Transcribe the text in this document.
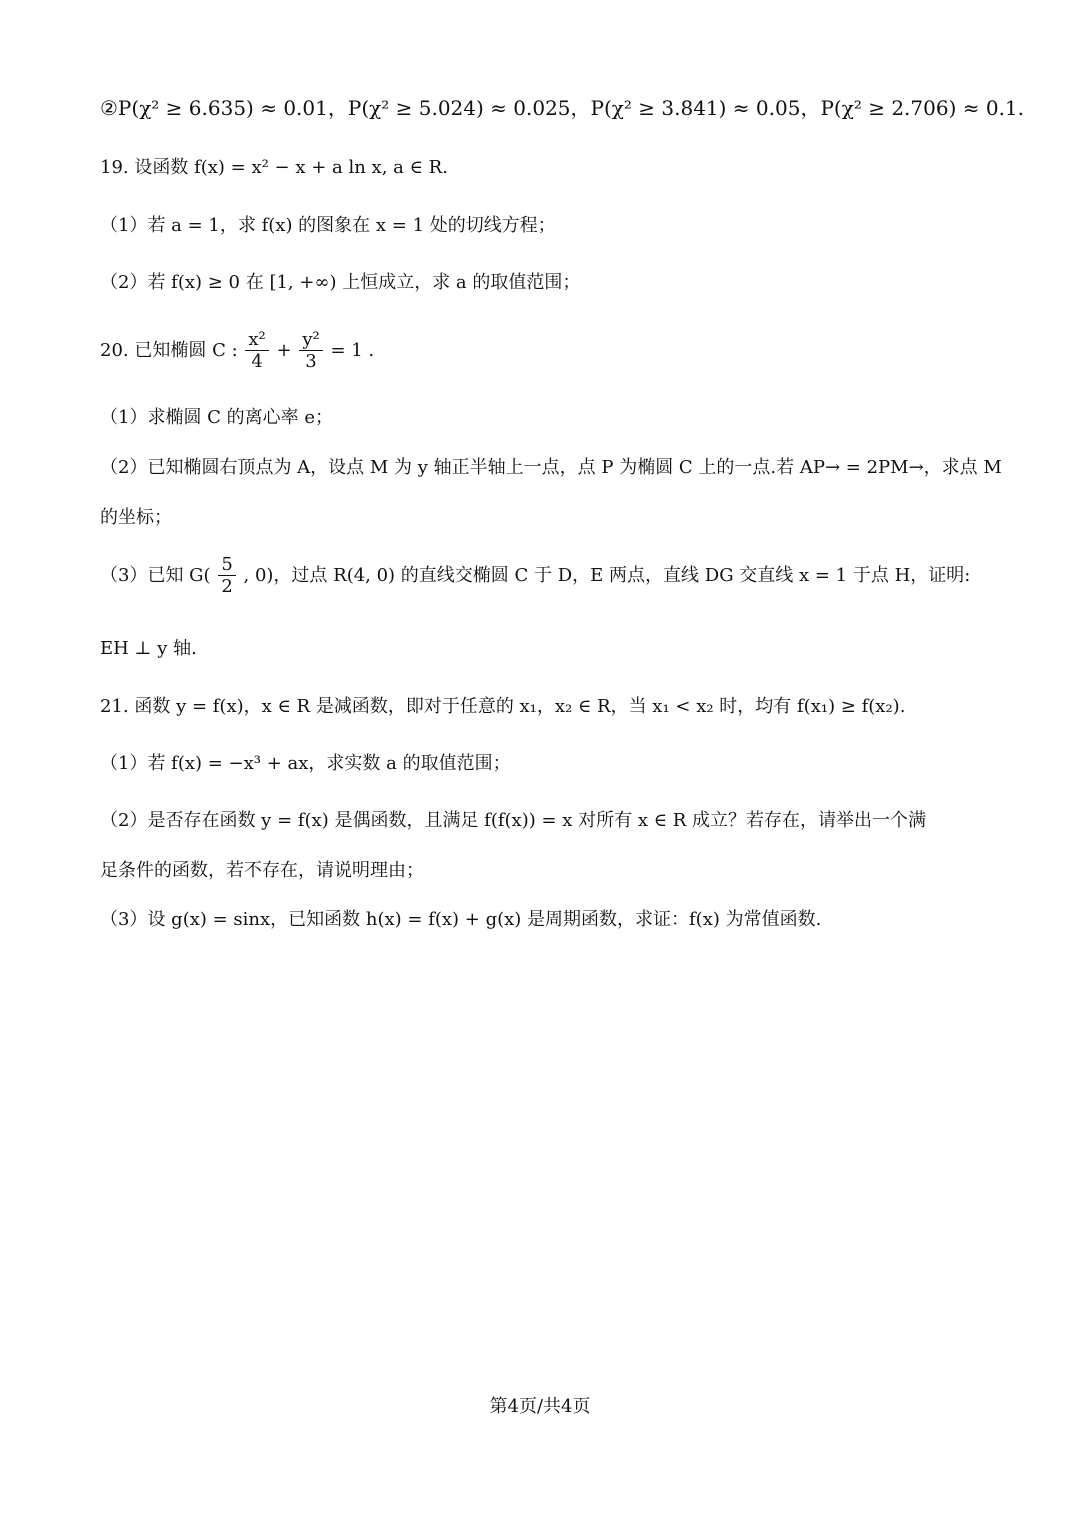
②P(χ² ≥ 6.635) ≈ 0.01，P(χ² ≥ 5.024) ≈ 0.025，P(χ² ≥ 3.841) ≈ 0.05，P(χ² ≥ 2.706) ≈ 0.1.
19. 设函数 f(x) = x² − x + a ln x, a ∈ R.
（1）若 a = 1，求 f(x) 的图象在 x = 1 处的切线方程；
（2）若 f(x) ≥ 0 在 [1, +∞) 上恒成立，求 a 的取值范围；
20. 已知椭圆 C : $\frac{\text{x²}}{4} + \frac{\text{y²}}{3} = 1$ .
（1）求椭圆 C 的离心率 e；
（2）已知椭圆右顶点为 A，设点 M 为 y 轴正半轴上一点，点 P 为椭圆 C 上的一点.若 AP→ = 2PM→，求点 M
的坐标；
（3）已知 $G( \frac{5}{2}$ , 0)，过点 R(4, 0) 的直线交椭圆 C 于 D，E 两点，直线 DG 交直线 x = 1 于点 H，证明:
EH ⊥ y 轴.
21. 函数 y = f(x)，x ∈ R 是减函数，即对于任意的 x₁，x₂ ∈ R，当 x₁ < x₂ 时，均有 f(x₁) ≥ f(x₂).
（1）若 f(x) = −x³ + ax，求实数 a 的取值范围；
（2）是否存在函数 y = f(x) 是偶函数，且满足 f(f(x)) = x 对所有 x ∈ R 成立？若存在，请举出一个满
足条件的函数，若不存在，请说明理由；
（3）设 g(x) = sinx，已知函数 h(x) = f(x) + g(x) 是周期函数，求证：f(x) 为常值函数.
第4页/共4页
